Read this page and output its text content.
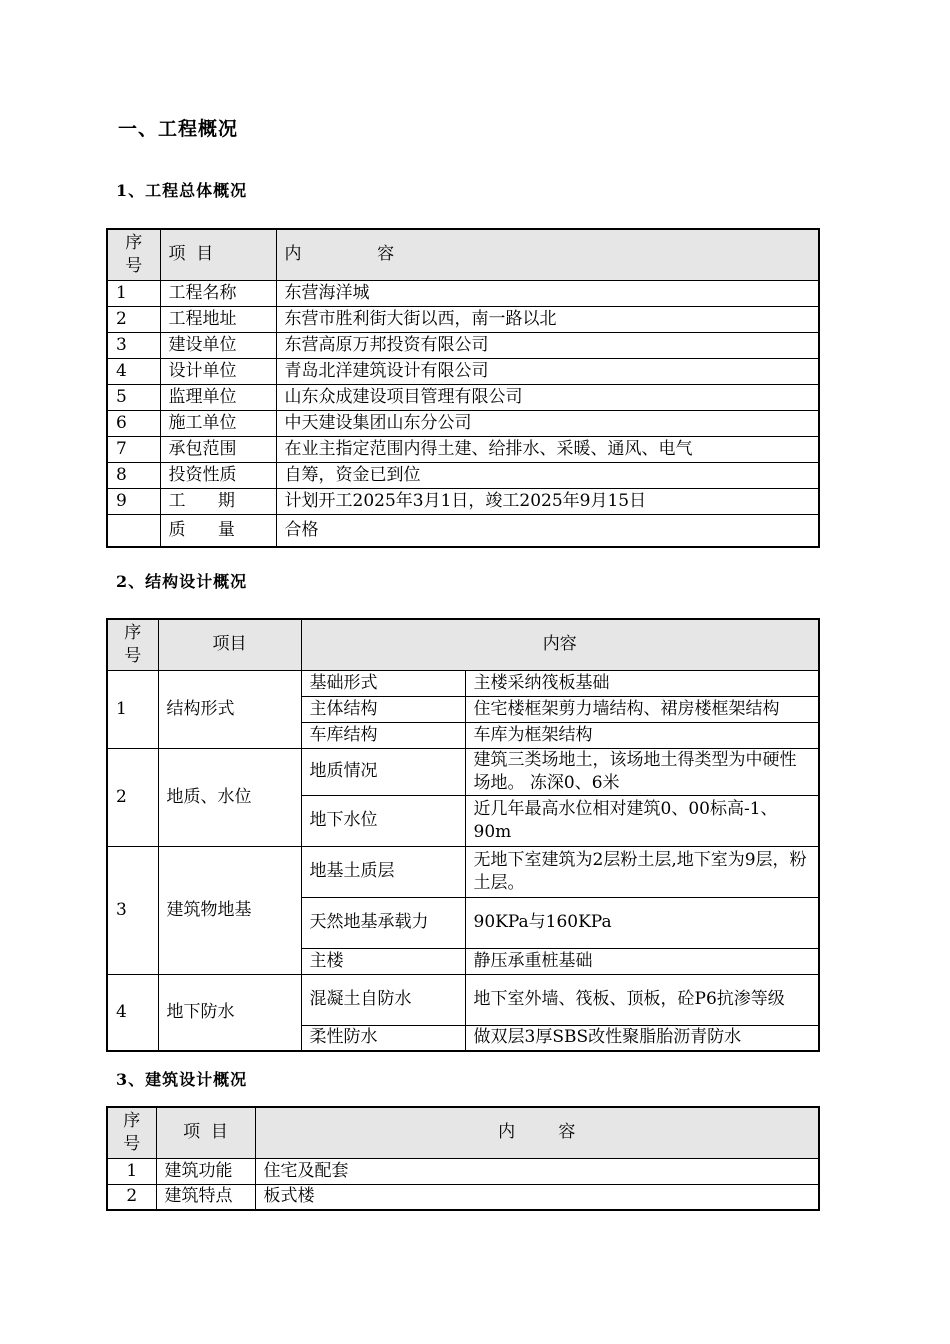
一、工程概况
1、工程总体概况
序号	项  目	内              容
1	工程名称	东营海洋城
2	工程地址	东营市胜利街大街以西，南一路以北
3	建设单位	东营高原万邦投资有限公司
4	设计单位	青岛北洋建筑设计有限公司
5	监理单位	山东众成建设项目管理有限公司
6	施工单位	中天建设集团山东分公司
7	承包范围	在业主指定范围内得土建、给排水、采暖、通风、电气
8	投资性质	自筹，资金已到位
9	工      期	计划开工2025年3月1日，竣工2025年9月15日
	质      量	合格
2、结构设计概况
序号	项目	内容	
1	结构形式	基础形式	主楼采纳筏板基础
		主体结构	住宅楼框架剪力墙结构、裙房楼框架结构
		车库结构	车库为框架结构
2	地质、水位	地质情况	建筑三类场地土，该场地土得类型为中硬性场地。 冻深0、6米
		地下水位	近几年最高水位相对建筑0、00标高-1、90m
3	建筑物地基	地基土质层	无地下室建筑为2层粉土层,地下室为9层，粉土层。
		天然地基承载力	90KPa与160KPa
		主楼	静压承重桩基础
4	地下防水	混凝土自防水	地下室外墙、筏板、顶板，砼P6抗渗等级
		柔性防水	做双层3厚SBS改性聚脂胎沥青防水
3、建筑设计概况
序号	项  目	内        容
1	建筑功能	住宅及配套
2	建筑特点	板式楼
